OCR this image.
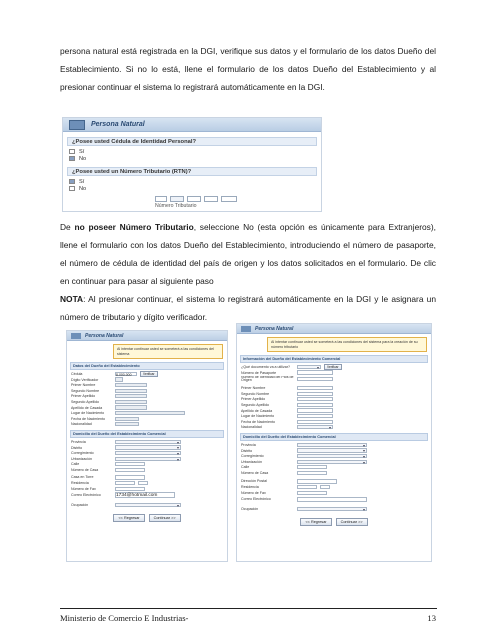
persona natural está registrada en la DGI, verifique sus datos y el formulario de los datos Dueño del Establecimiento. Si no lo está, llene el formulario de los datos Dueño del Establecimiento y al presionar continuar el sistema lo registrará automáticamente en la DGI.

Persona Natural
¿Posee usted Cédula de Identidad Personal?
Sí
No
¿Posee usted un Número Tributario (RTN)?
Sí
No
Número Tributario

De no poseer Número Tributario, seleccione No (esta opción es únicamente para Extranjeros), llene el formulario con los datos Dueño del Establecimiento, introduciendo el número de pasaporte, el número de cédula de identidad del país de origen y los datos solicitados en el formulario. De clic en continuar para pasar al siguiente paso

NOTA: Al presionar continuar, el sistema lo registrará automáticamente en la DGI y le asignara un número de tributario y dígito verificador.

Persona Natural
Al intentar continuar usted se someterá a las condiciones del sistema
Datos del Dueño del Establecimiento
Cédula	8-000-000	Verificar
Dígito Verificador
Primer Nombre
Segundo Nombre
Primer Apellido
Segundo Apellido
Apellido de Casada
Lugar de Nacimiento
Fecha de Nacimiento
Nacionalidad
Domicilio del Dueño del Establecimiento Comercial
Provincia
Distrito
Corregimiento
Urbanización
Calle
Número de Casa
Casa en Torre
Residencia
Número de Fax
Correo Electrónico	1734@hotmail.com
Ocupación
<< Regresar	Continuar >>
Persona Natural
Al intentar continuar usted se someterá a las condiciones del sistema para la creación de su número tributario
Información del Dueño del Establecimiento Comercial
¿Qué documento va a utilizar?	Verificar
Número de Pasaporte
Número de Identidad del País de Origen
Primer Nombre
Segundo Nombre
Primer Apellido
Segundo Apellido
Apellido de Casada
Lugar de Nacimiento
Fecha de Nacimiento
Nacionalidad
Domicilio del Dueño del Establecimiento Comercial
Provincia
Distrito
Corregimiento
Urbanización
Calle
Número de Casa
Dirección Postal
Residencia
Número de Fax
Correo Electrónico
Ocupación
<< Regresar	Continuar >>
Ministerio de Comercio E Industrias-	13
